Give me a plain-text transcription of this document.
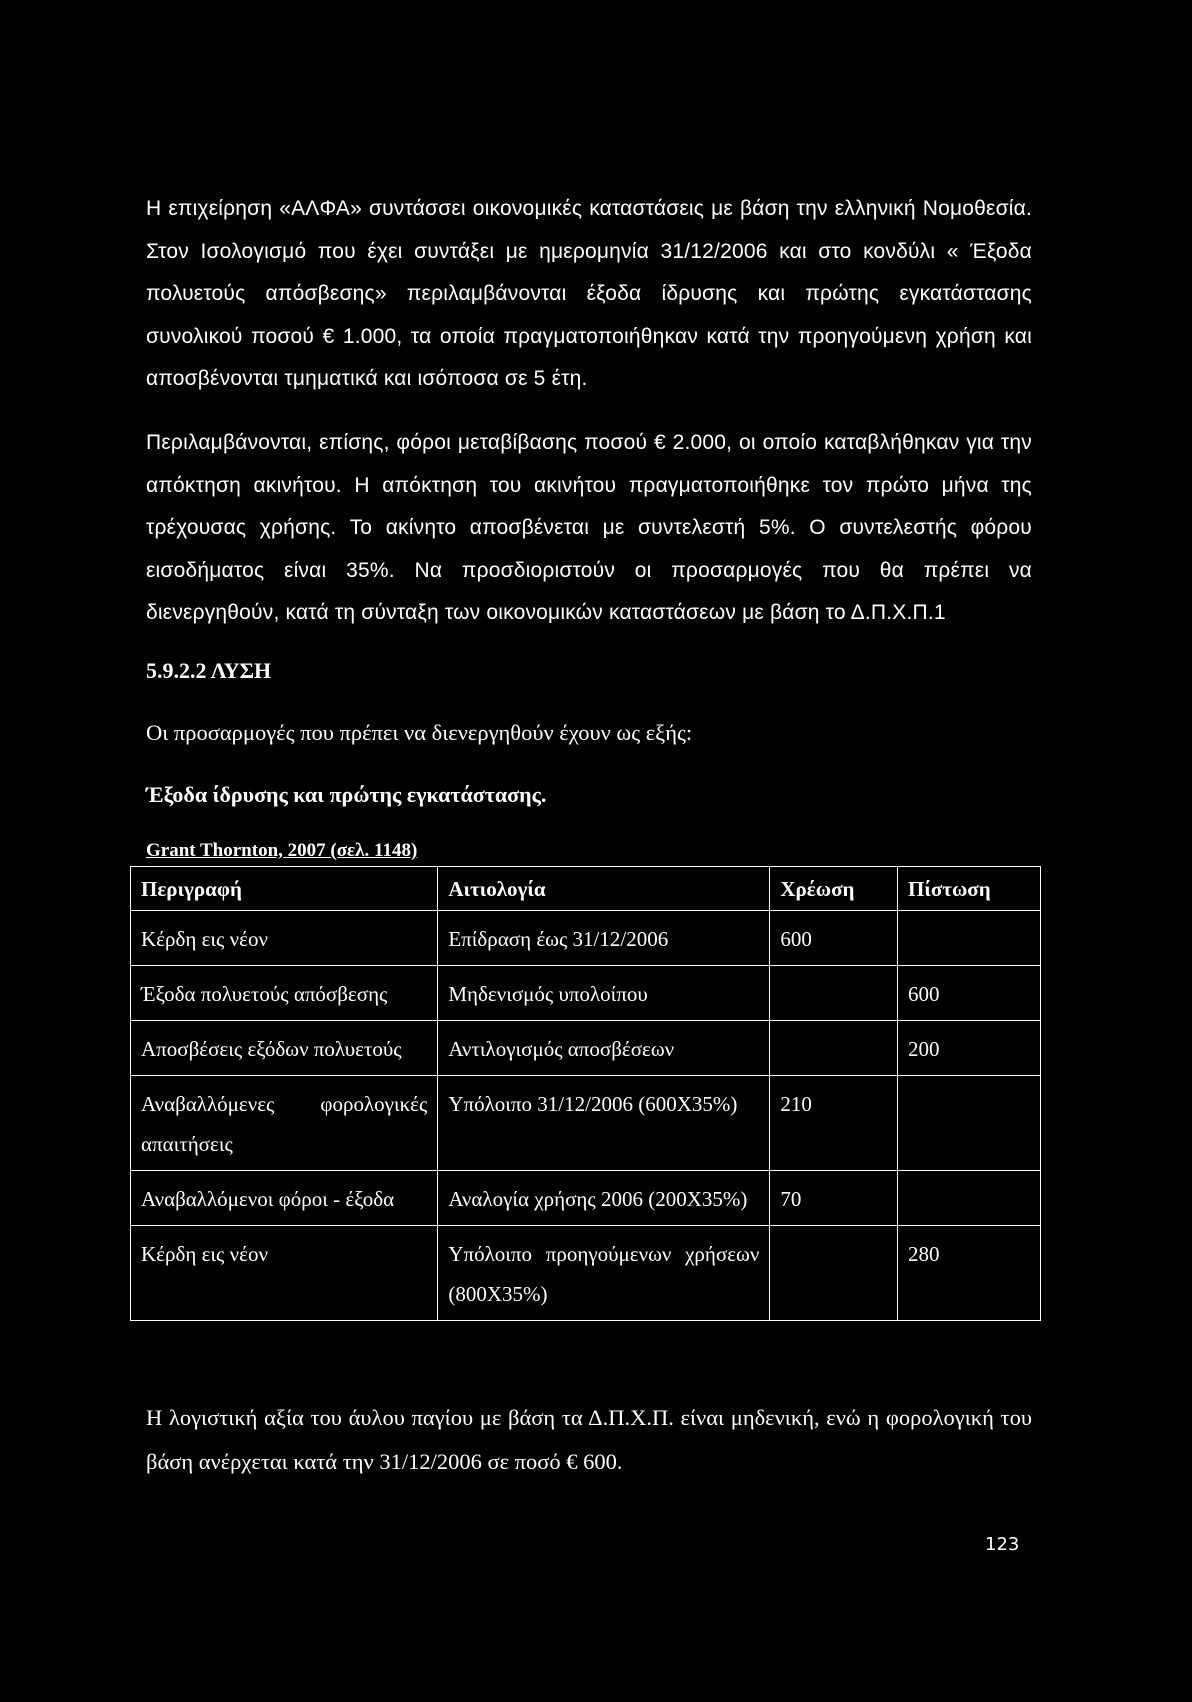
Η επιχείρηση «ΑΛΦΑ» συντάσσει οικονομικές καταστάσεις με βάση την ελληνική Νομοθεσία. Στον Ισολογισμό που έχει συντάξει με ημερομηνία 31/12/2006 και στο κονδύλι « Έξοδα πολυετούς απόσβεσης» περιλαμβάνονται έξοδα ίδρυσης και πρώτης εγκατάστασης συνολικού ποσού € 1.000, τα οποία πραγματοποιήθηκαν κατά την προηγούμενη χρήση και αποσβένονται τμηματικά και ισόποσα σε 5 έτη.

Περιλαμβάνονται, επίσης, φόροι μεταβίβασης ποσού € 2.000, οι οποίο καταβλήθηκαν για την απόκτηση ακινήτου. Η απόκτηση του ακινήτου πραγματοποιήθηκε τον πρώτο μήνα της τρέχουσας χρήσης. Το ακίνητο αποσβένεται με συντελεστή 5%. Ο συντελεστής φόρου εισοδήματος είναι 35%. Να προσδιοριστούν οι προσαρμογές που θα πρέπει να διενεργηθούν, κατά τη σύνταξη των οικονομικών καταστάσεων με βάση το Δ.Π.Χ.Π.1

5.9.2.2 ΛΥΣΗ

Οι προσαρμογές που πρέπει να διενεργηθούν έχουν ως εξής:

Έξοδα ίδρυσης και πρώτης εγκατάστασης.

Grant Thornton, 2007 (σελ. 1148)

Περιγραφή	Αιτιολογία	Χρέωση	Πίστωση
Κέρδη εις νέον	Επίδραση έως 31/12/2006	600	
Έξοδα πολυετούς απόσβεσης	Μηδενισμός υπολοίπου		600
Αποσβέσεις εξόδων πολυετούς	Αντιλογισμός αποσβέσεων		200
Αναβαλλόμενες φορολογικές απαιτήσεις	Υπόλοιπο 31/12/2006 (600Χ35%)	210	
Αναβαλλόμενοι φόροι - έξοδα	Αναλογία χρήσης 2006 (200Χ35%)	70	
Κέρδη εις νέον	Υπόλοιπο προηγούμενων χρήσεων (800Χ35%)		280

Η λογιστική αξία του άυλου παγίου με βάση τα Δ.Π.Χ.Π. είναι μηδενική, ενώ η φορολογική του βάση ανέρχεται κατά την 31/12/2006 σε ποσό € 600.

123
